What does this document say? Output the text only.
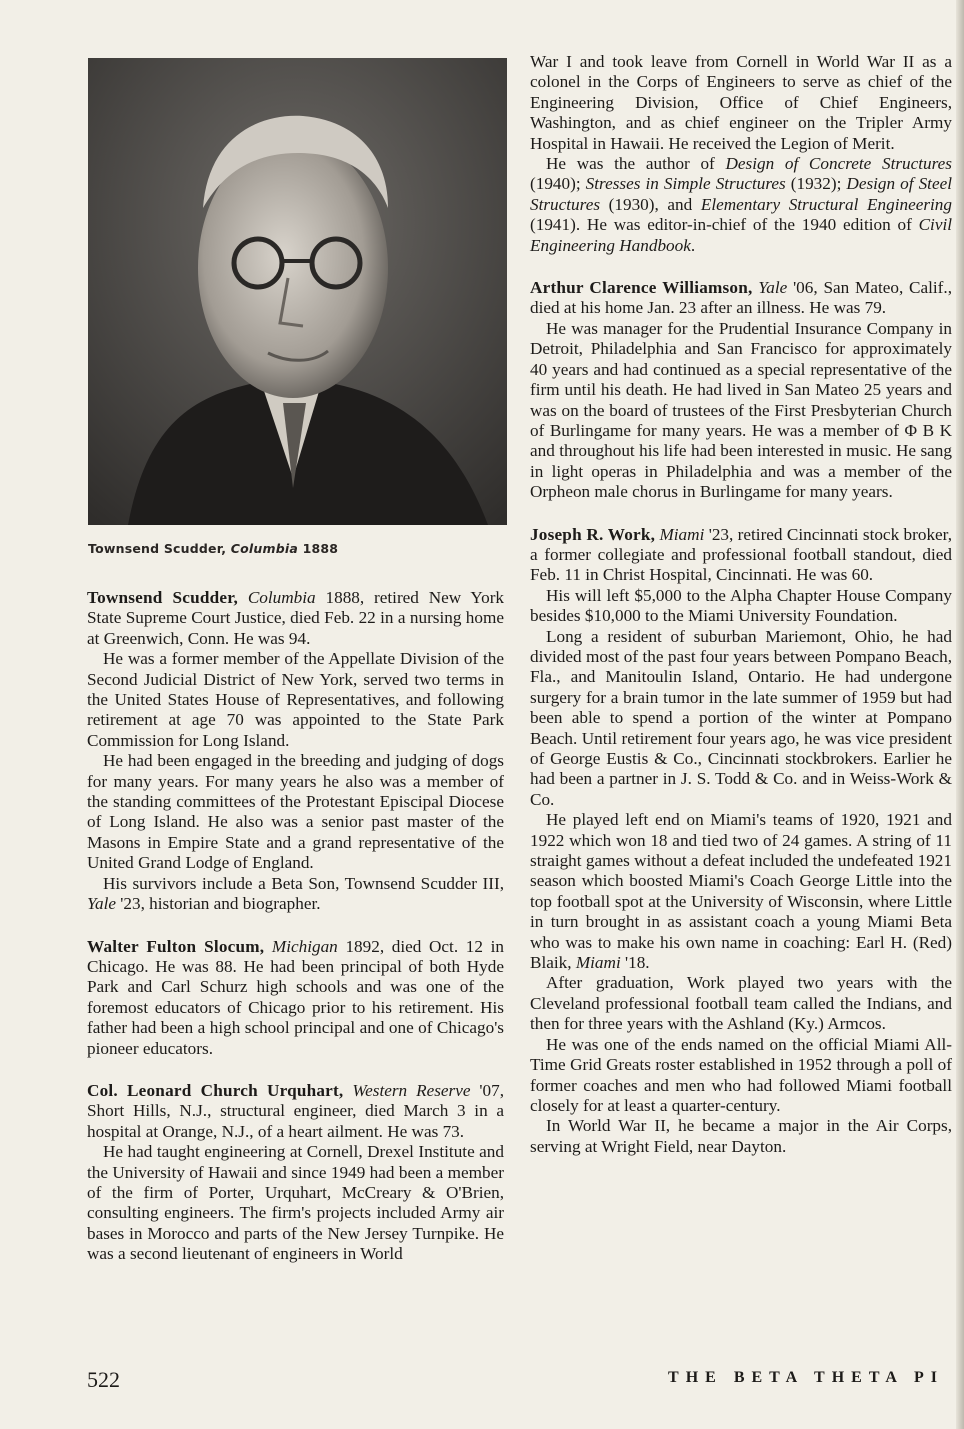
Townsend Scudder, Columbia 1888

Townsend Scudder, Columbia 1888, retired New York State Supreme Court Justice, died Feb. 22 in a nursing home at Greenwich, Conn. He was 94.

He was a former member of the Appellate Division of the Second Judicial District of New York, served two terms in the United States House of Representatives, and following retirement at age 70 was appointed to the State Park Commission for Long Island.

He had been engaged in the breeding and judging of dogs for many years. For many years he also was a member of the standing committees of the Protestant Episcipal Diocese of Long Island. He also was a senior past master of the Masons in Empire State and a grand representative of the United Grand Lodge of England.

His survivors include a Beta Son, Townsend Scudder III, Yale '23, historian and biographer.

Walter Fulton Slocum, Michigan 1892, died Oct. 12 in Chicago. He was 88. He had been principal of both Hyde Park and Carl Schurz high schools and was one of the foremost educators of Chicago prior to his retirement. His father had been a high school principal and one of Chicago's pioneer educators.

Col. Leonard Church Urquhart, Western Reserve '07, Short Hills, N.J., structural engineer, died March 3 in a hospital at Orange, N.J., of a heart ailment. He was 73.

He had taught engineering at Cornell, Drexel Institute and the University of Hawaii and since 1949 had been a member of the firm of Porter, Urquhart, McCreary & O'Brien, consulting engineers. The firm's projects included Army air bases in Morocco and parts of the New Jersey Turnpike. He was a second lieutenant of engineers in World

War I and took leave from Cornell in World War II as a colonel in the Corps of Engineers to serve as chief of the Engineering Division, Office of Chief Engineers, Washington, and as chief engineer on the Tripler Army Hospital in Hawaii. He received the Legion of Merit.

He was the author of Design of Concrete Structures (1940); Stresses in Simple Structures (1932); Design of Steel Structures (1930), and Elementary Structural Engineering (1941). He was editor-in-chief of the 1940 edition of Civil Engineering Handbook.

Arthur Clarence Williamson, Yale '06, San Mateo, Calif., died at his home Jan. 23 after an illness. He was 79.

He was manager for the Prudential Insurance Company in Detroit, Philadelphia and San Francisco for approximately 40 years and had continued as a special representative of the firm until his death. He had lived in San Mateo 25 years and was on the board of trustees of the First Presbyterian Church of Burlingame for many years. He was a member of Φ B K and throughout his life had been interested in music. He sang in light operas in Philadelphia and was a member of the Orpheon male chorus in Burlingame for many years.

Joseph R. Work, Miami '23, retired Cincinnati stock broker, a former collegiate and professional football standout, died Feb. 11 in Christ Hospital, Cincinnati. He was 60.

His will left $5,000 to the Alpha Chapter House Company besides $10,000 to the Miami University Foundation.

Long a resident of suburban Mariemont, Ohio, he had divided most of the past four years between Pompano Beach, Fla., and Manitoulin Island, Ontario. He had undergone surgery for a brain tumor in the late summer of 1959 but had been able to spend a portion of the winter at Pompano Beach. Until retirement four years ago, he was vice president of George Eustis & Co., Cincinnati stockbrokers. Earlier he had been a partner in J. S. Todd & Co. and in Weiss-Work & Co.

He played left end on Miami's teams of 1920, 1921 and 1922 which won 18 and tied two of 24 games. A string of 11 straight games without a defeat included the undefeated 1921 season which boosted Miami's Coach George Little into the top football spot at the University of Wisconsin, where Little in turn brought in as assistant coach a young Miami Beta who was to make his own name in coaching: Earl H. (Red) Blaik, Miami '18.

After graduation, Work played two years with the Cleveland professional football team called the Indians, and then for three years with the Ashland (Ky.) Armcos.

He was one of the ends named on the official Miami All-Time Grid Greats roster established in 1952 through a poll of former coaches and men who had followed Miami football closely for at least a quarter-century.

In World War II, he became a major in the Air Corps, serving at Wright Field, near Dayton.

522	THE BETA THETA PI
